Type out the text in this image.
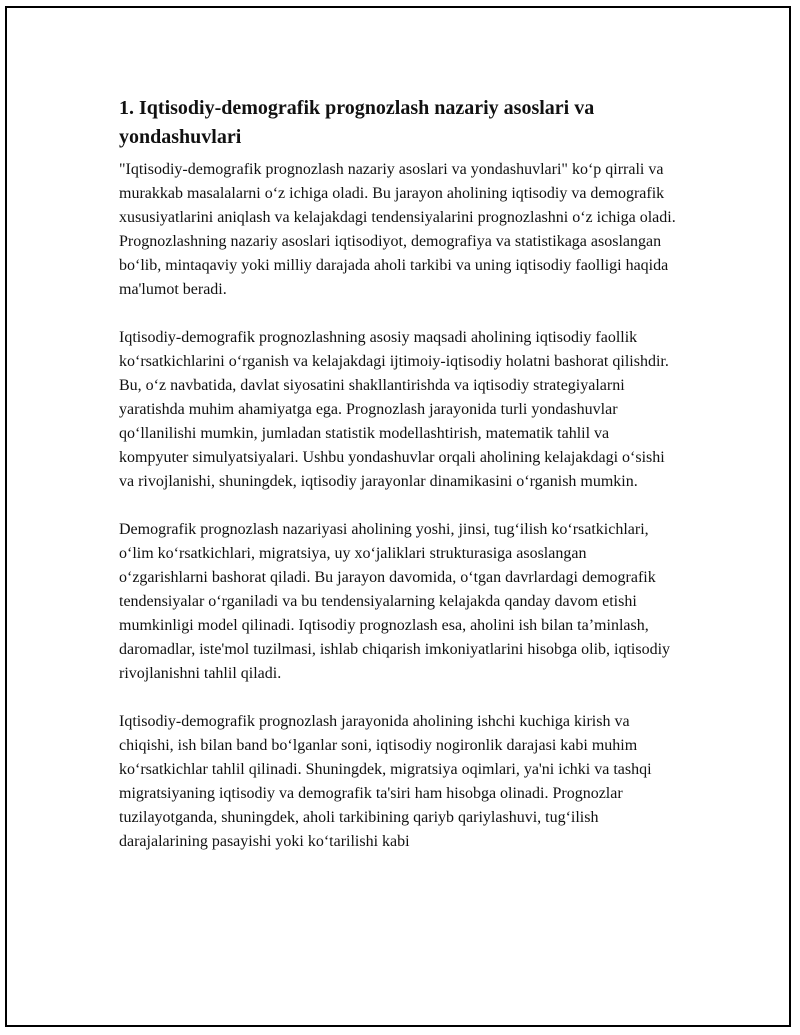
1. Iqtisodiy-demografik prognozlash nazariy asoslari va yondashuvlari

"Iqtisodiy-demografik prognozlash nazariy asoslari va yondashuvlari" ko‘p qirrali va murakkab masalalarni o‘z ichiga oladi. Bu jarayon aholining iqtisodiy va demografik xususiyatlarini aniqlash va kelajakdagi tendensiyalarini prognozlashni o‘z ichiga oladi. Prognozlashning nazariy asoslari iqtisodiyot, demografiya va statistikaga asoslangan bo‘lib, mintaqaviy yoki milliy darajada aholi tarkibi va uning iqtisodiy faolligi haqida ma'lumot beradi.

Iqtisodiy-demografik prognozlashning asosiy maqsadi aholining iqtisodiy faollik ko‘rsatkichlarini o‘rganish va kelajakdagi ijtimoiy-iqtisodiy holatni bashorat qilishdir. Bu, o‘z navbatida, davlat siyosatini shakllantirishda va iqtisodiy strategiyalarni yaratishda muhim ahamiyatga ega. Prognozlash jarayonida turli yondashuvlar qo‘llanilishi mumkin, jumladan statistik modellashtirish, matematik tahlil va kompyuter simulyatsiyalari. Ushbu yondashuvlar orqali aholining kelajakdagi o‘sishi va rivojlanishi, shuningdek, iqtisodiy jarayonlar dinamikasini o‘rganish mumkin.

Demografik prognozlash nazariyasi aholining yoshi, jinsi, tug‘ilish ko‘rsatkichlari, o‘lim ko‘rsatkichlari, migratsiya, uy xo‘jaliklari strukturasiga asoslangan o‘zgarishlarni bashorat qiladi. Bu jarayon davomida, o‘tgan davrlardagi demografik tendensiyalar o‘rganiladi va bu tendensiyalarning kelajakda qanday davom etishi mumkinligi model qilinadi. Iqtisodiy prognozlash esa, aholini ish bilan ta’minlash, daromadlar, iste'mol tuzilmasi, ishlab chiqarish imkoniyatlarini hisobga olib, iqtisodiy rivojlanishni tahlil qiladi.

Iqtisodiy-demografik prognozlash jarayonida aholining ishchi kuchiga kirish va chiqishi, ish bilan band bo‘lganlar soni, iqtisodiy nogironlik darajasi kabi muhim ko‘rsatkichlar tahlil qilinadi. Shuningdek, migratsiya oqimlari, ya'ni ichki va tashqi migratsiyaning iqtisodiy va demografik ta'siri ham hisobga olinadi. Prognozlar tuzilayotganda, shuningdek, aholi tarkibining qariyb qariylashuvi, tug‘ilish darajalarining pasayishi yoki ko‘tarilishi kabi
